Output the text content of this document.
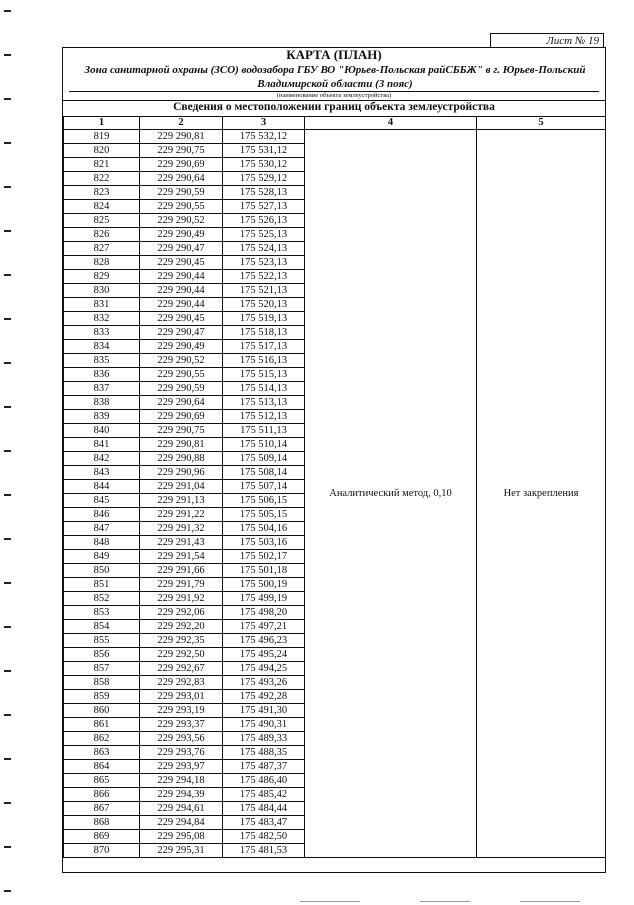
Лист № 19
КАРТА (ПЛАН)
Зона санитарной охраны (ЗСО) водозабора ГБУ ВО "Юрьев-Польская райСББЖ" в г. Юрьев-Польский Владимирской области (3 пояс)
(наименование объекта землеустройства)
Сведения о местоположении границ объекта землеустройства
1	2	3	4	5
819	229 290,81	175 532,12	Аналитический метод, 0,10	Нет закрепления
820	229 290,75	175 531,12		
821	229 290,69	175 530,12		
822	229 290,64	175 529,12		
823	229 290,59	175 528,13		
824	229 290,55	175 527,13		
825	229 290,52	175 526,13		
826	229 290,49	175 525,13		
827	229 290,47	175 524,13		
828	229 290,45	175 523,13		
829	229 290,44	175 522,13		
830	229 290,44	175 521,13		
831	229 290,44	175 520,13		
832	229 290,45	175 519,13		
833	229 290,47	175 518,13		
834	229 290,49	175 517,13		
835	229 290,52	175 516,13		
836	229 290,55	175 515,13		
837	229 290,59	175 514,13		
838	229 290,64	175 513,13		
839	229 290,69	175 512,13		
840	229 290,75	175 511,13		
841	229 290,81	175 510,14		
842	229 290,88	175 509,14		
843	229 290,96	175 508,14		
844	229 291,04	175 507,14		
845	229 291,13	175 506,15		
846	229 291,22	175 505,15		
847	229 291,32	175 504,16		
848	229 291,43	175 503,16		
849	229 291,54	175 502,17		
850	229 291,66	175 501,18		
851	229 291,79	175 500,19		
852	229 291,92	175 499,19		
853	229 292,06	175 498,20		
854	229 292,20	175 497,21		
855	229 292,35	175 496,23		
856	229 292,50	175 495,24		
857	229 292,67	175 494,25		
858	229 292,83	175 493,26		
859	229 293,01	175 492,28		
860	229 293,19	175 491,30		
861	229 293,37	175 490,31		
862	229 293,56	175 489,33		
863	229 293,76	175 488,35		
864	229 293,97	175 487,37		
865	229 294,18	175 486,40		
866	229 294,39	175 485,42		
867	229 294,61	175 484,44		
868	229 294,84	175 483,47		
869	229 295,08	175 482,50		
870	229 295,31	175 481,53		
